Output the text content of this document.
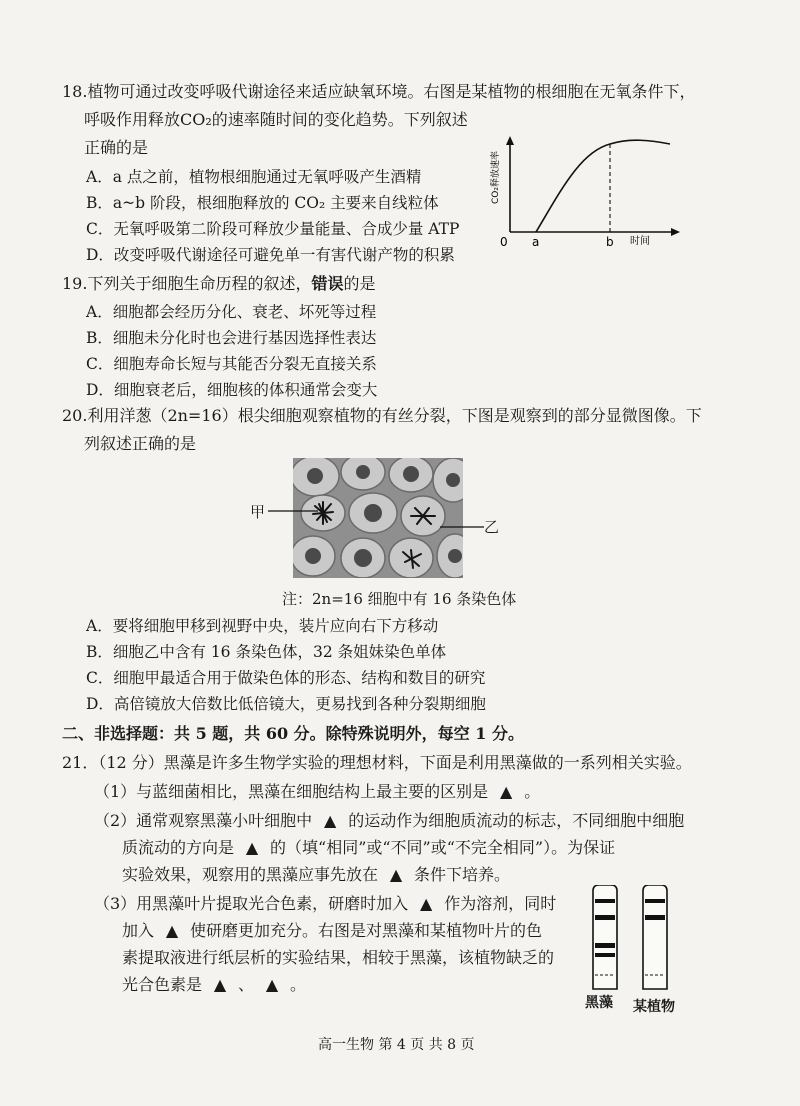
18.植物可通过改变呼吸代谢途径来适应缺氧环境。右图是某植物的根细胞在无氧条件下，
呼吸作用释放CO₂的速率随时间的变化趋势。下列叙述
正确的是
A．a 点之前，植物根细胞通过无氧呼吸产生酒精
B．a~b 阶段，根细胞释放的 CO₂ 主要来自线粒体
C．无氧呼吸第二阶段可释放少量能量、合成少量 ATP
D．改变呼吸代谢途径可避免单一有害代谢产物的积累
CO₂释放速率
0 a	b 时间
19.下列关于细胞生命历程的叙述，错误的是
A．细胞都会经历分化、衰老、坏死等过程
B．细胞未分化时也会进行基因选择性表达
C．细胞寿命长短与其能否分裂无直接关系
D．细胞衰老后，细胞核的体积通常会变大
20.利用洋葱（2n=16）根尖细胞观察植物的有丝分裂，下图是观察到的部分显微图像。下
列叙述正确的是
甲
乙
注：2n=16 细胞中有 16 条染色体
A．要将细胞甲移到视野中央，装片应向右下方移动
B．细胞乙中含有 16 条染色体，32 条姐妹染色单体
C．细胞甲最适合用于做染色体的形态、结构和数目的研究
D．高倍镜放大倍数比低倍镜大，更易找到各种分裂期细胞
二、非选择题：共 5 题，共 60 分。除特殊说明外，每空 1 分。
21．（12 分）黑藻是许多生物学实验的理想材料，下面是利用黑藻做的一系列相关实验。
（1）与蓝细菌相比，黑藻在细胞结构上最主要的区别是 ▲ 。
（2）通常观察黑藻小叶细胞中 ▲ 的运动作为细胞质流动的标志，不同细胞中细胞
质流动的方向是 ▲ 的（填“相同”或“不同”或“不完全相同”）。为保证
实验效果，观察用的黑藻应事先放在 ▲ 条件下培养。
（3）用黑藻叶片提取光合色素，研磨时加入 ▲ 作为溶剂，同时
加入 ▲ 使研磨更加充分。右图是对黑藻和某植物叶片的色
素提取液进行纸层析的实验结果，相较于黑藻，该植物缺乏的
光合色素是 ▲ 、 ▲ 。
黑藻 某植物
高一生物 第 4 页 共 8 页
